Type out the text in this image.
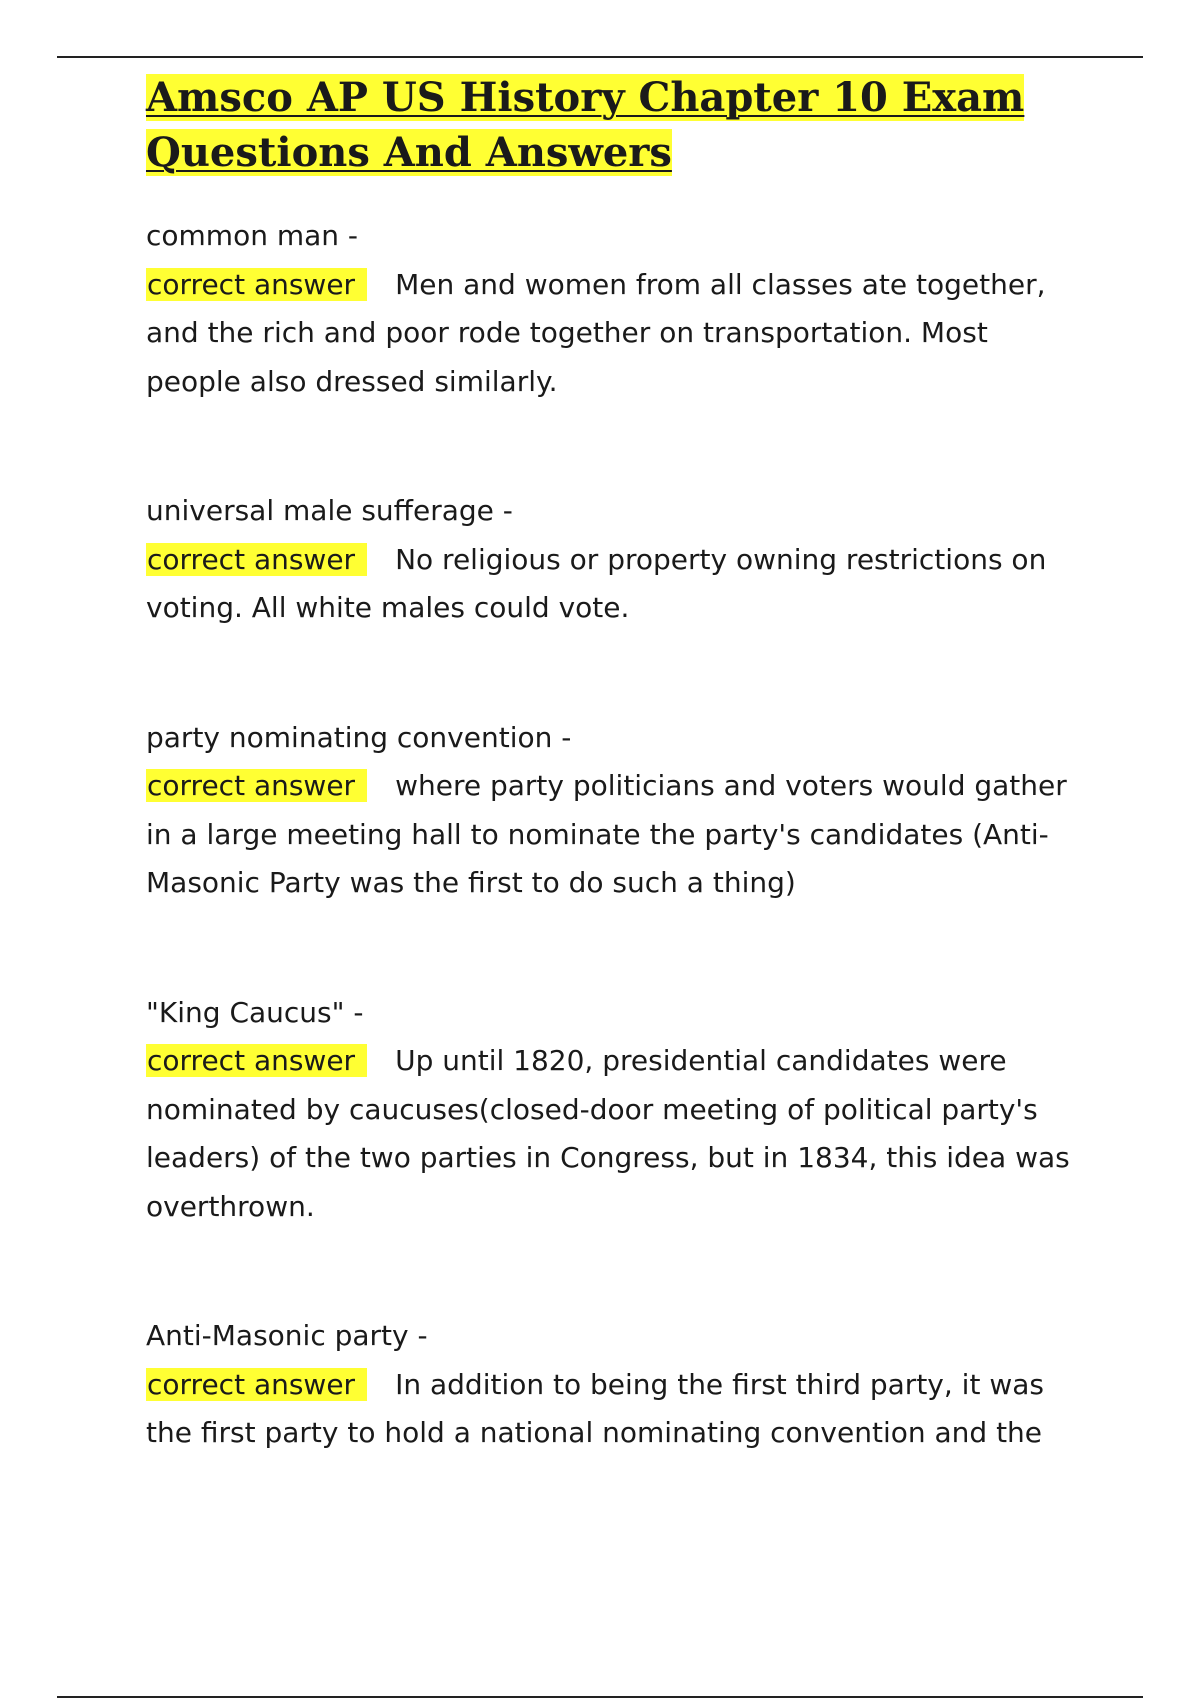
Amsco AP US History Chapter 10 Exam Questions And Answers
common man -
correct answer Men and women from all classes ate together, and the rich and poor rode together on transportation. Most people also dressed similarly.
universal male sufferage -
correct answer No religious or property owning restrictions on voting. All white males could vote.
party nominating convention -
correct answer where party politicians and voters would gather in a large meeting hall to nominate the party's candidates (Anti-Masonic Party was the first to do such a thing)
"King Caucus" -
correct answer Up until 1820, presidential candidates were nominated by caucuses(closed-door meeting of political party's leaders) of the two parties in Congress, but in 1834, this idea was overthrown.
Anti-Masonic party -
correct answer In addition to being the first third party, it was the first party to hold a national nominating convention and the
